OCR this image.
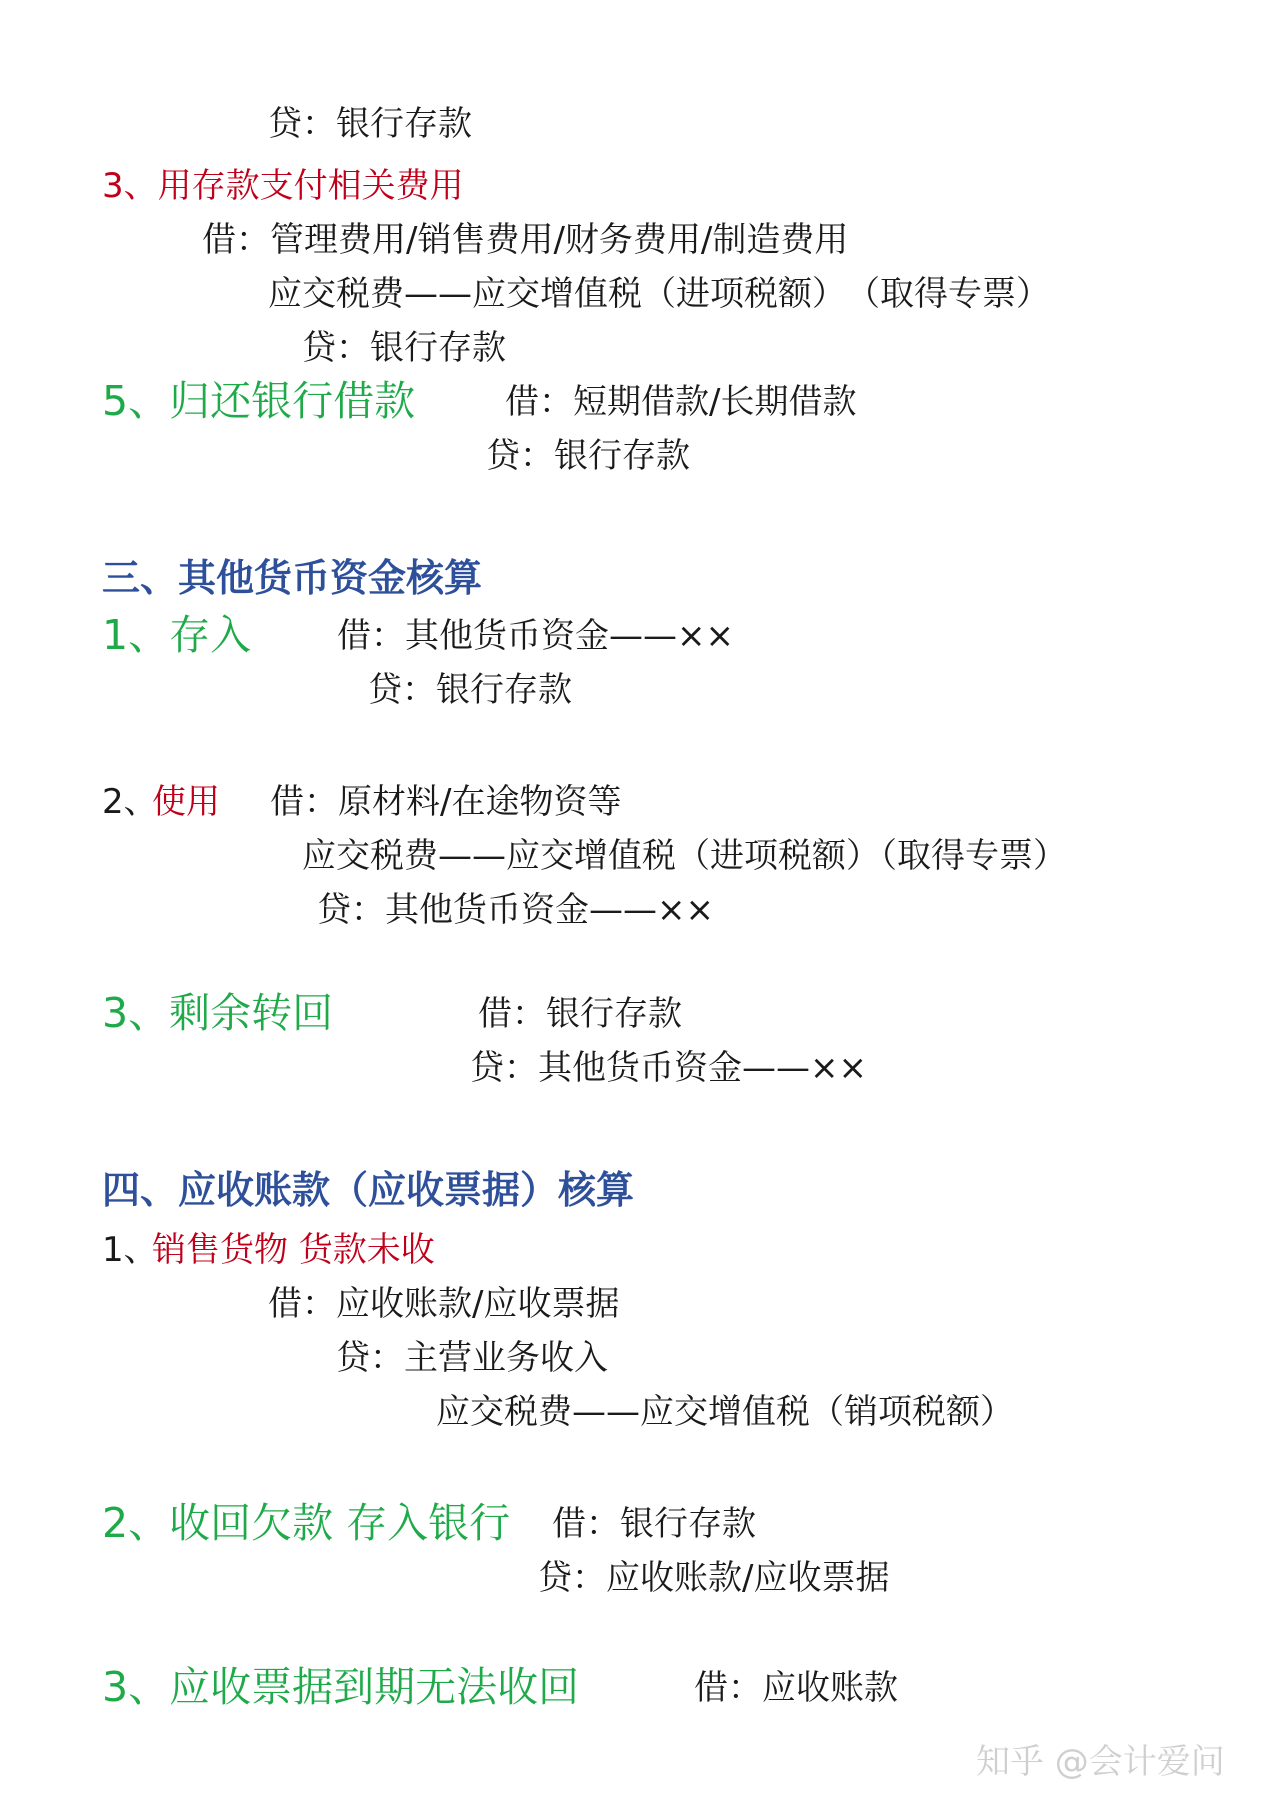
贷：银行存款
3、用存款支付相关费用
借：管理费用/销售费用/财务费用/制造费用
应交税费——应交增值税（进项税额）　（取得专票）
贷：银行存款
5、归还银行借款	借：短期借款/长期借款
贷：银行存款
三、其他货币资金核算
1、存入	借：其他货币资金——××
贷：银行存款
2、
使用 借：原材料/在途物资等
应交税费——应交增值税（进项税额）（取得专票）
贷：其他货币资金——××
3、剩余转回	借：银行存款
贷：其他货币资金——××
四、应收账款（应收票据）核算
1、
销售货物 货款未收
借：应收账款/应收票据
贷：主营业务收入
应交税费——应交增值税（销项税额）
2、收回欠款 存入银行 借：银行存款
贷：应收账款/应收票据
3、应收票据到期无法收回	借：应收账款
知乎 @会计爱问
